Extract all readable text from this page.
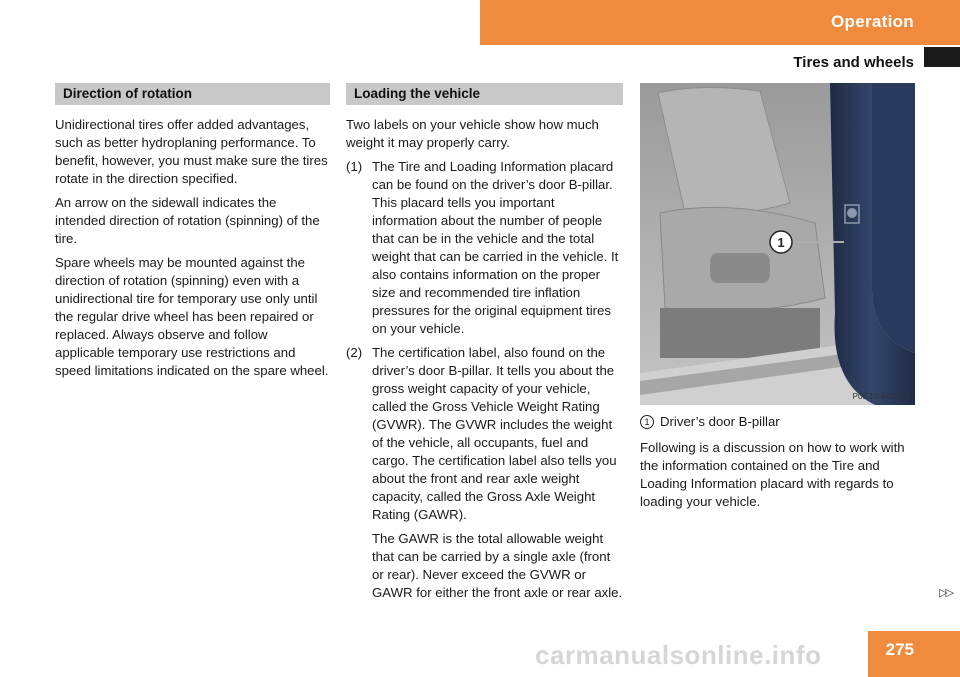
Operation
Tires and wheels
Direction of rotation

Unidirectional tires offer added advantages, such as better hydroplaning performance. To benefit, however, you must make sure the tires rotate in the direction specified.

An arrow on the sidewall indicates the intended direction of rotation (spinning) of the tire.

Spare wheels may be mounted against the direction of rotation (spinning) even with a unidirectional tire for temporary use only until the regular drive wheel has been repaired or replaced. Always observe and follow applicable temporary use restrictions and speed limitations indicated on the spare wheel.

Loading the vehicle

Two labels on your vehicle show how much weight it may properly carry.

(1) The Tire and Loading Information placard can be found on the driver’s door B-pillar. This placard tells you important information about the number of people that can be in the vehicle and the total weight that can be carried in the vehicle. It also contains information on the proper size and recommended tire inflation pressures for the original equipment tires on your vehicle.
(2) The certification label, also found on the driver’s door B-pillar. It tells you about the gross weight capacity of your vehicle, called the Gross Vehicle Weight Rating (GVWR). The GVWR includes the weight of the vehicle, all occupants, fuel and cargo. The certification label also tells you about the front and rear axle weight capacity, called the Gross Axle Weight Rating (GAWR).

The GAWR is the total allowable weight that can be carried by a single axle (front or rear). Never exceed the GVWR or GAWR for either the front axle or rear axle.

1
P00.10-4437-31
1 Driver’s door B-pillar

Following is a discussion on how to work with the information contained on the Tire and Loading Information placard with regards to loading your vehicle.

▷▷
carmanualsonline.info	275
